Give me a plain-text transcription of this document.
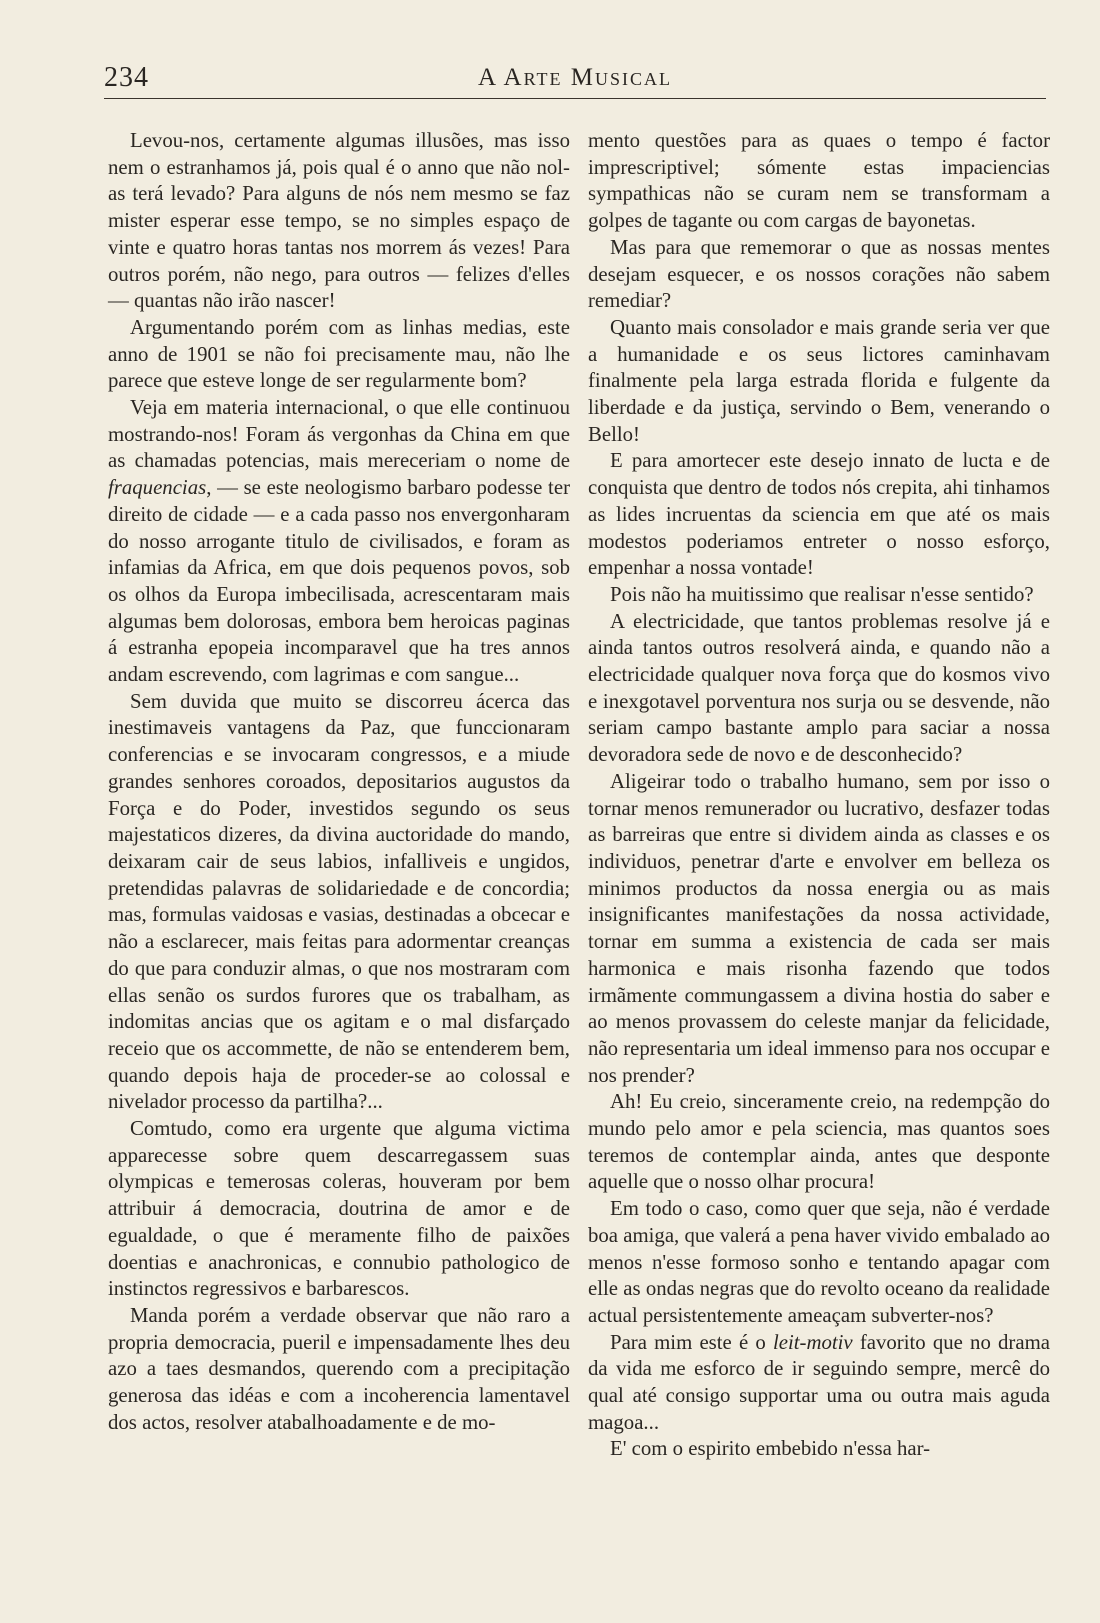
234	A Arte Musical

Levou-nos, certamente algumas illusões, mas isso nem o estranhamos já, pois qual é o anno que não nol-as terá levado? Para alguns de nós nem mesmo se faz mister esperar esse tempo, se no simples espaço de vinte e quatro horas tantas nos morrem ás vezes! Para outros porém, não nego, para outros — felizes d'elles — quantas não irão nascer!

Argumentando porém com as linhas medias, este anno de 1901 se não foi precisamente mau, não lhe parece que esteve longe de ser regularmente bom?

Veja em materia internacional, o que elle continuou mostrando-nos! Foram ás vergonhas da China em que as chamadas potencias, mais mereceriam o nome de fraquencias, — se este neologismo barbaro podesse ter direito de cidade — e a cada passo nos envergonharam do nosso arrogante titulo de civilisados, e foram as infamias da Africa, em que dois pequenos povos, sob os olhos da Europa imbecilisada, acrescentaram mais algumas bem dolorosas, embora bem heroicas paginas á estranha epopeia incomparavel que ha tres annos andam escrevendo, com lagrimas e com sangue...

Sem duvida que muito se discorreu ácerca das inestimaveis vantagens da Paz, que funccionaram conferencias e se invocaram congressos, e a miude grandes senhores coroados, depositarios augustos da Força e do Poder, investidos segundo os seus majestaticos dizeres, da divina auctoridade do mando, deixaram cair de seus labios, infalliveis e ungidos, pretendidas palavras de solidariedade e de concordia; mas, formulas vaidosas e vasias, destinadas a obcecar e não a esclarecer, mais feitas para adormentar creanças do que para conduzir almas, o que nos mostraram com ellas senão os surdos furores que os trabalham, as indomitas ancias que os agitam e o mal disfarçado receio que os accommette, de não se entenderem bem, quando depois haja de proceder-se ao colossal e nivelador processo da partilha?...

Comtudo, como era urgente que alguma victima apparecesse sobre quem descarregassem suas olympicas e temerosas coleras, houveram por bem attribuir á democracia, doutrina de amor e de egualdade, o que é meramente filho de paixões doentias e anachronicas, e connubio pathologico de instinctos regressivos e barbarescos.

Manda porém a verdade observar que não raro a propria democracia, pueril e impensadamente lhes deu azo a taes desmandos, querendo com a precipitação generosa das idéas e com a incoherencia lamentavel dos actos, resolver atabalhoadamente e de mo-

mento questões para as quaes o tempo é factor imprescriptivel; sómente estas impaciencias sympathicas não se curam nem se transformam a golpes de tagante ou com cargas de bayonetas.

Mas para que rememorar o que as nossas mentes desejam esquecer, e os nossos corações não sabem remediar?

Quanto mais consolador e mais grande seria ver que a humanidade e os seus lictores caminhavam finalmente pela larga estrada florida e fulgente da liberdade e da justiça, servindo o Bem, venerando o Bello!

E para amortecer este desejo innato de lucta e de conquista que dentro de todos nós crepita, ahi tinhamos as lides incruentas da sciencia em que até os mais modestos poderiamos entreter o nosso esforço, empenhar a nossa vontade!

Pois não ha muitissimo que realisar n'esse sentido?

A electricidade, que tantos problemas resolve já e ainda tantos outros resolverá ainda, e quando não a electricidade qualquer nova força que do kosmos vivo e inexgotavel porventura nos surja ou se desvende, não seriam campo bastante amplo para saciar a nossa devoradora sede de novo e de desconhecido?

Aligeirar todo o trabalho humano, sem por isso o tornar menos remunerador ou lucrativo, desfazer todas as barreiras que entre si dividem ainda as classes e os individuos, penetrar d'arte e envolver em belleza os minimos productos da nossa energia ou as mais insignificantes manifestações da nossa actividade, tornar em summa a existencia de cada ser mais harmonica e mais risonha fazendo que todos irmãmente commungassem a divina hostia do saber e ao menos provassem do celeste manjar da felicidade, não representaria um ideal immenso para nos occupar e nos prender?

Ah! Eu creio, sinceramente creio, na redempção do mundo pelo amor e pela sciencia, mas quantos soes teremos de contemplar ainda, antes que desponte aquelle que o nosso olhar procura!

Em todo o caso, como quer que seja, não é verdade boa amiga, que valerá a pena haver vivido embalado ao menos n'esse formoso sonho e tentando apagar com elle as ondas negras que do revolto oceano da realidade actual persistentemente ameaçam subverter-nos?

Para mim este é o leit-motiv favorito que no drama da vida me esforco de ir seguindo sempre, mercê do qual até consigo supportar uma ou outra mais aguda magoa...

E' com o espirito embebido n'essa har-
